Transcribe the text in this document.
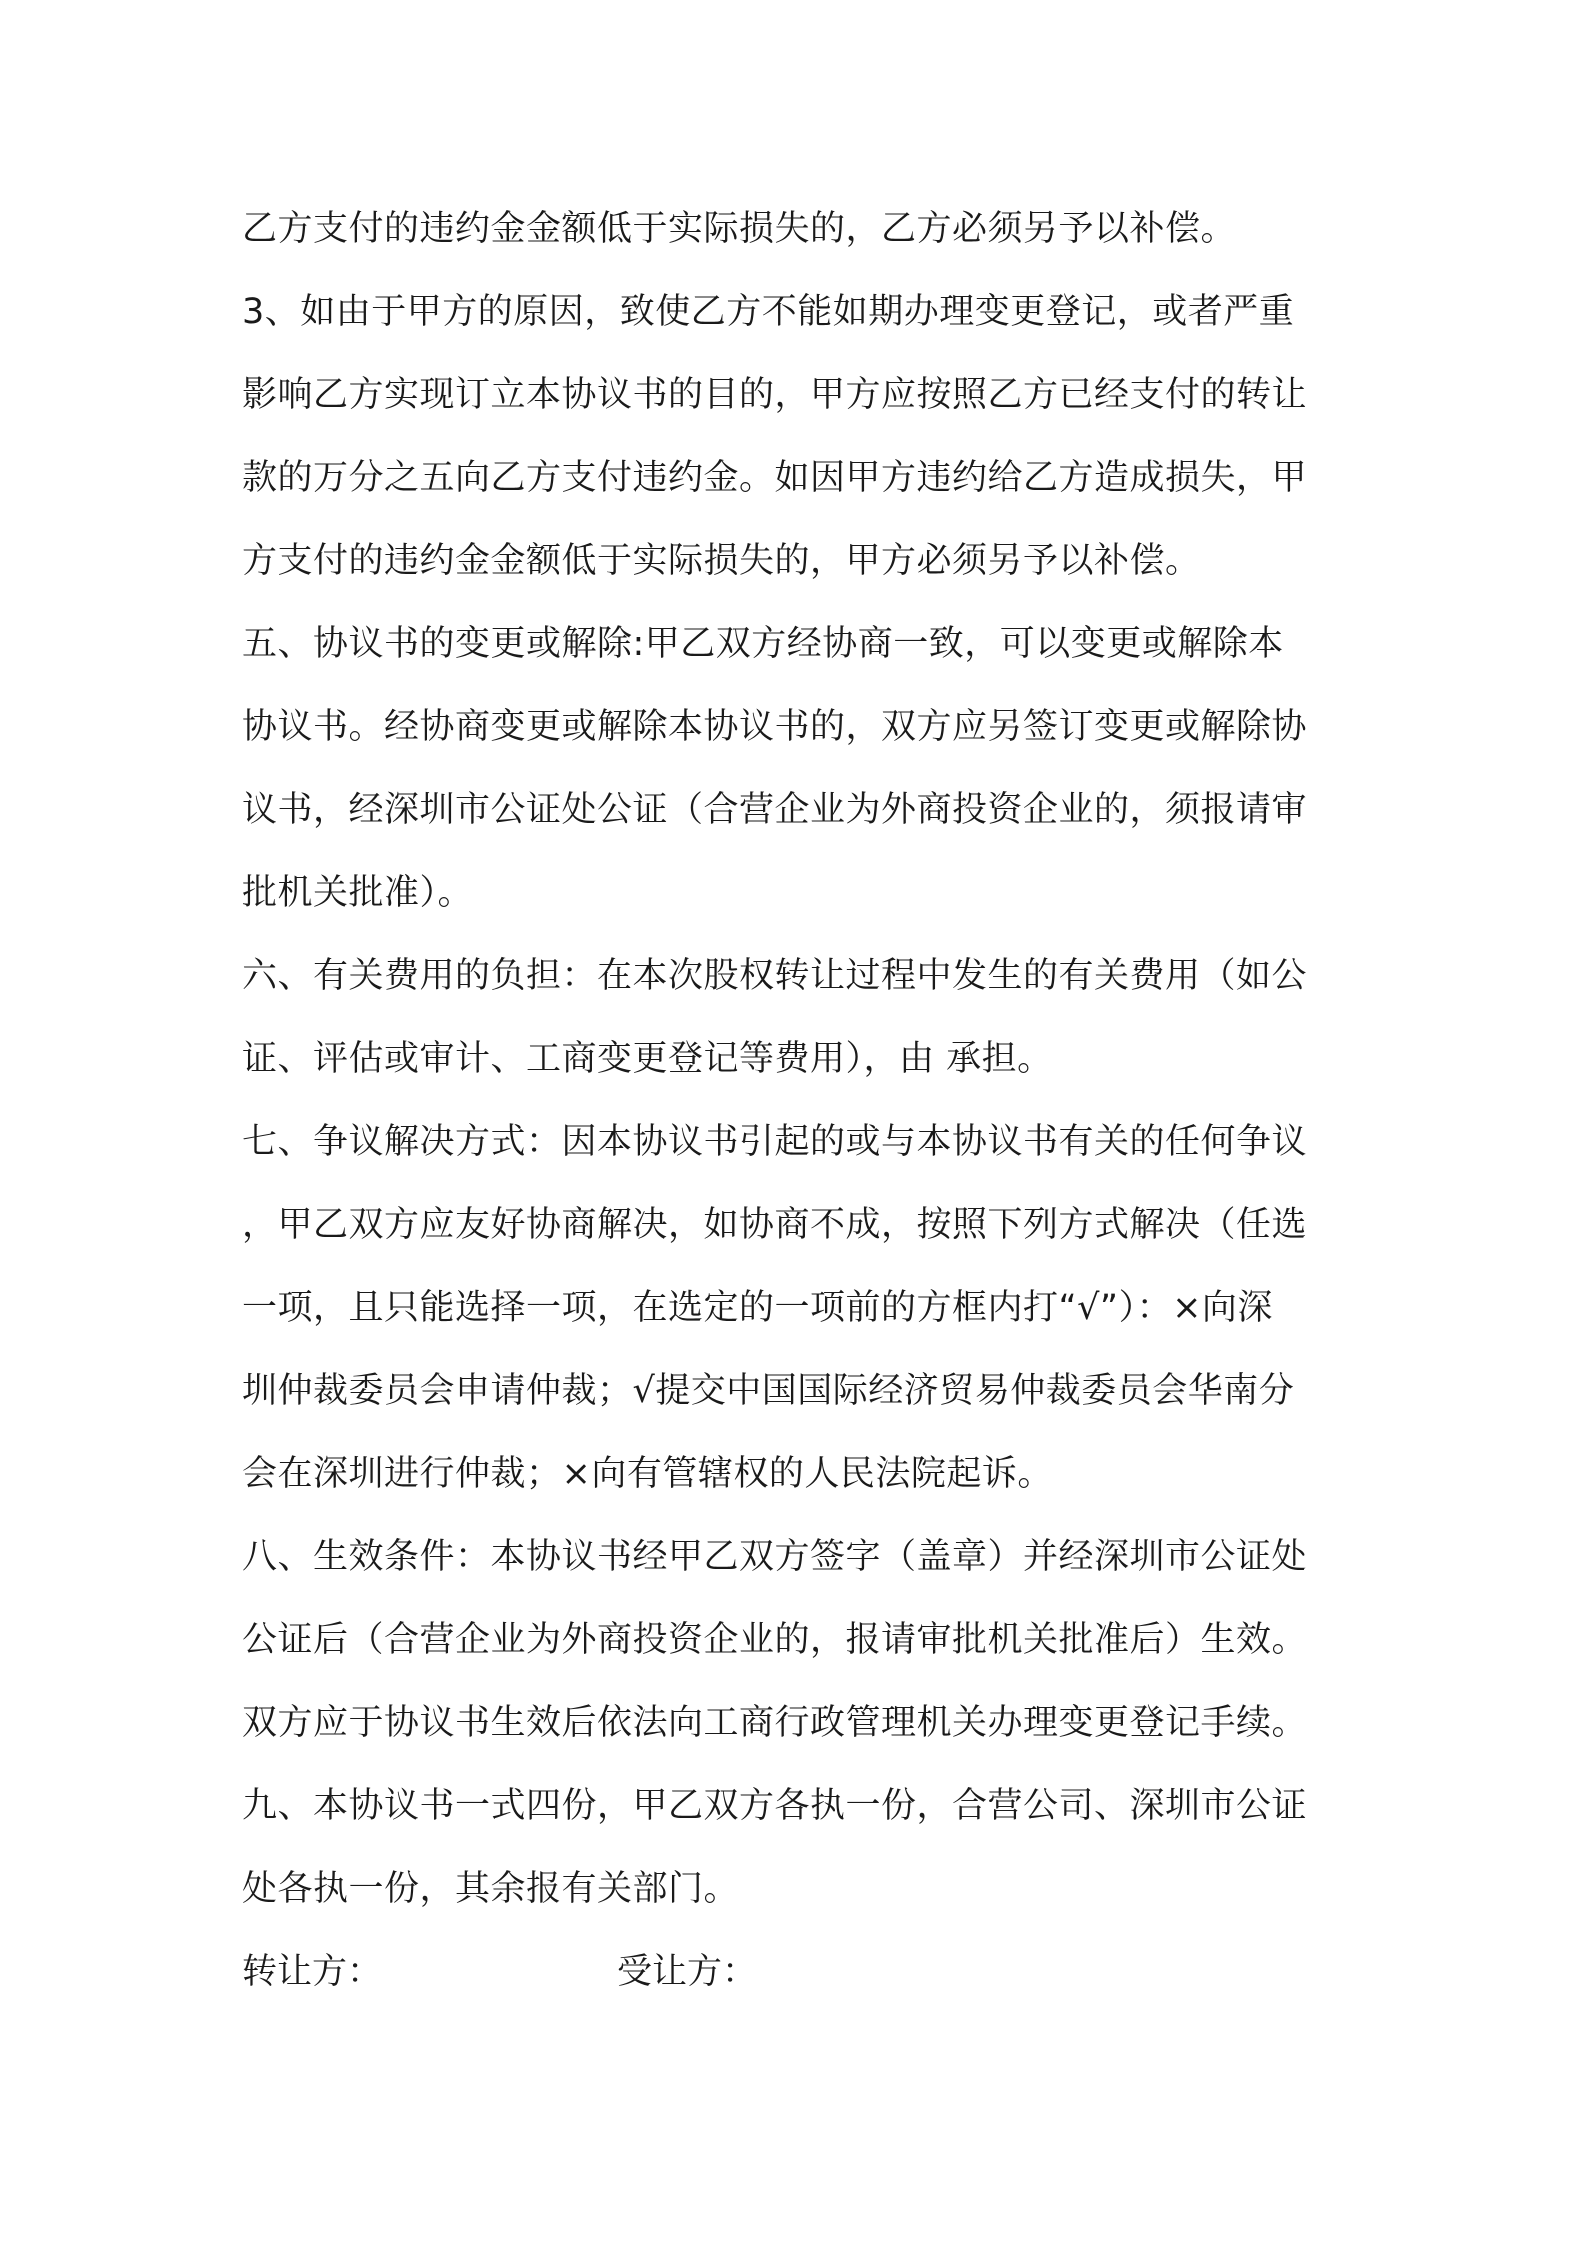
乙方支付的违约金金额低于实际损失的，乙方必须另予以补偿。
3、如由于甲方的原因，致使乙方不能如期办理变更登记，或者严重
影响乙方实现订立本协议书的目的，甲方应按照乙方已经支付的转让
款的万分之五向乙方支付违约金。如因甲方违约给乙方造成损失，甲
方支付的违约金金额低于实际损失的，甲方必须另予以补偿。
五、协议书的变更或解除:甲乙双方经协商一致，可以变更或解除本
协议书。经协商变更或解除本协议书的，双方应另签订变更或解除协
议书，经深圳市公证处公证（合营企业为外商投资企业的，须报请审
批机关批准）。
六、有关费用的负担：在本次股权转让过程中发生的有关费用（如公
证、评估或审计、工商变更登记等费用），由 承担。
七、争议解决方式：因本协议书引起的或与本协议书有关的任何争议
，甲乙双方应友好协商解决，如协商不成，按照下列方式解决（任选
一项，且只能选择一项，在选定的一项前的方框内打“√”）：×向深
圳仲裁委员会申请仲裁；√提交中国国际经济贸易仲裁委员会华南分
会在深圳进行仲裁；×向有管辖权的人民法院起诉。
八、生效条件：本协议书经甲乙双方签字（盖章）并经深圳市公证处
公证后（合营企业为外商投资企业的，报请审批机关批准后）生效。
双方应于协议书生效后依法向工商行政管理机关办理变更登记手续。
九、本协议书一式四份，甲乙双方各执一份，合营公司、深圳市公证
处各执一份，其余报有关部门。
转让方：	受让方：
